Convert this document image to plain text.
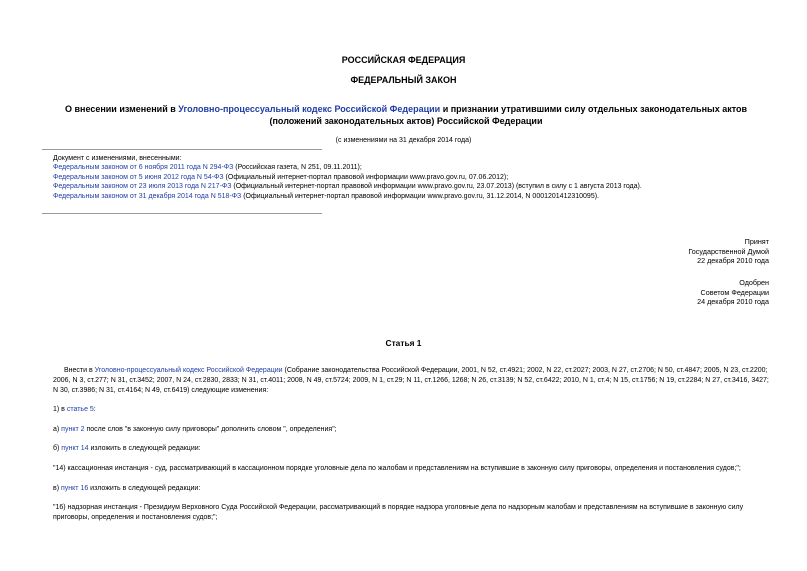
РОССИЙСКАЯ ФЕДЕРАЦИЯ
ФЕДЕРАЛЬНЫЙ ЗАКОН
О внесении изменений в Уголовно-процессуальный кодекс Российской Федерации и признании утратившими силу отдельных законодательных актов (положений законодательных актов) Российской Федерации
(с изменениями на 31 декабря 2014 года)
Документ с изменениями, внесенными:
Федеральным законом от 6 ноября 2011 года N 294-ФЗ (Российская газета, N 251, 09.11.2011);
Федеральным законом от 5 июня 2012 года N 54-ФЗ (Официальный интернет-портал правовой информации www.pravo.gov.ru, 07.06.2012);
Федеральным законом от 23 июля 2013 года N 217-ФЗ (Официальный интернет-портал правовой информации www.pravo.gov.ru, 23.07.2013) (вступил в силу с 1 августа 2013 года).
Федеральным законом от 31 декабря 2014 года N 518-ФЗ (Официальный интернет-портал правовой информации www.pravo.gov.ru, 31.12.2014, N 0001201412310095).
Принят
Государственной Думой
22 декабря 2010 года
Одобрен
Советом Федерации
24 декабря 2010 года
Статья 1

Внести в Уголовно-процессуальный кодекс Российской Федерации (Собрание законодательства Российской Федерации, 2001, N 52, ст.4921; 2002, N 22, ст.2027; 2003, N 27, ст.2706; N 50, ст.4847; 2005, N 23, ст.2200; 2006, N 3, ст.277; N 31, ст.3452; 2007, N 24, ст.2830, 2833; N 31, ст.4011; 2008, N 49, ст.5724; 2009, N 1, ст.29; N 11, ст.1266, 1268; N 26, ст.3139; N 52, ст.6422; 2010, N 1, ст.4; N 15, ст.1756; N 19, ст.2284; N 27, ст.3416, 3427; N 30, ст.3986; N 31, ст.4164; N 49, ст.6419) следующие изменения:

1) в статье 5:

а) пункт 2 после слов "в законную силу приговоры" дополнить словом ", определения";

б) пункт 14 изложить в следующей редакции:

"14) кассационная инстанция - суд, рассматривающий в кассационном порядке уголовные дела по жалобам и представлениям на вступившие в законную силу приговоры, определения и постановления судов;";

в) пункт 16 изложить в следующей редакции:

"16) надзорная инстанция - Президиум Верховного Суда Российской Федерации, рассматривающий в порядке надзора уголовные дела по надзорным жалобам и представлениям на вступившие в законную силу приговоры, определения и постановления судов;";
